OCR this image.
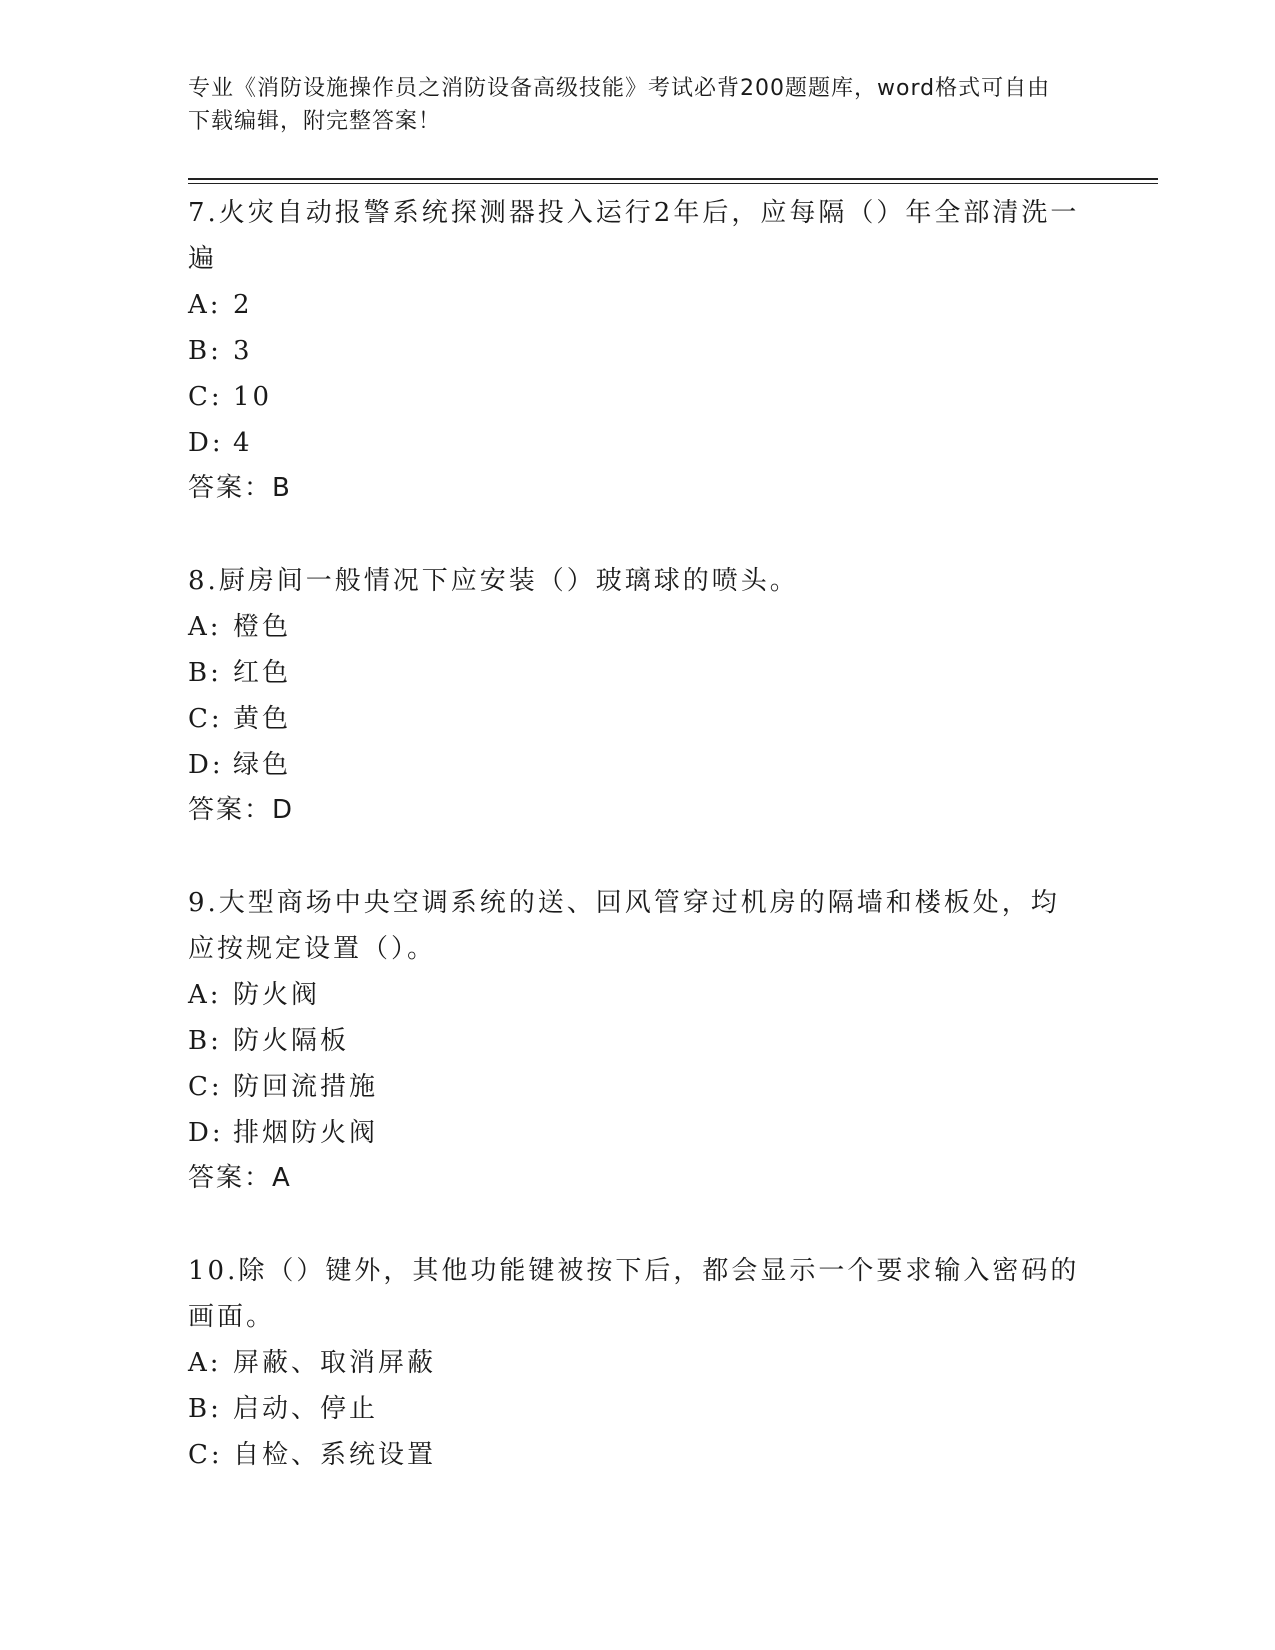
专业《消防设施操作员之消防设备高级技能》考试必背200题题库，word格式可自由下载编辑，附完整答案！

7.火灾自动报警系统探测器投入运行2年后，应每隔（）年全部清洗一遍

A: 2
B: 3
C: 10
D: 4

答案：B

8.厨房间一般情况下应安装（）玻璃球的喷头。

A: 橙色
B: 红色
C: 黄色
D: 绿色

答案：D

9.大型商场中央空调系统的送、回风管穿过机房的隔墙和楼板处，均应按规定设置（）。

A: 防火阀
B: 防火隔板
C: 防回流措施
D: 排烟防火阀

答案：A

10.除（）键外，其他功能键被按下后，都会显示一个要求输入密码的画面。

A: 屏蔽、取消屏蔽
B: 启动、停止
C: 自检、系统设置
